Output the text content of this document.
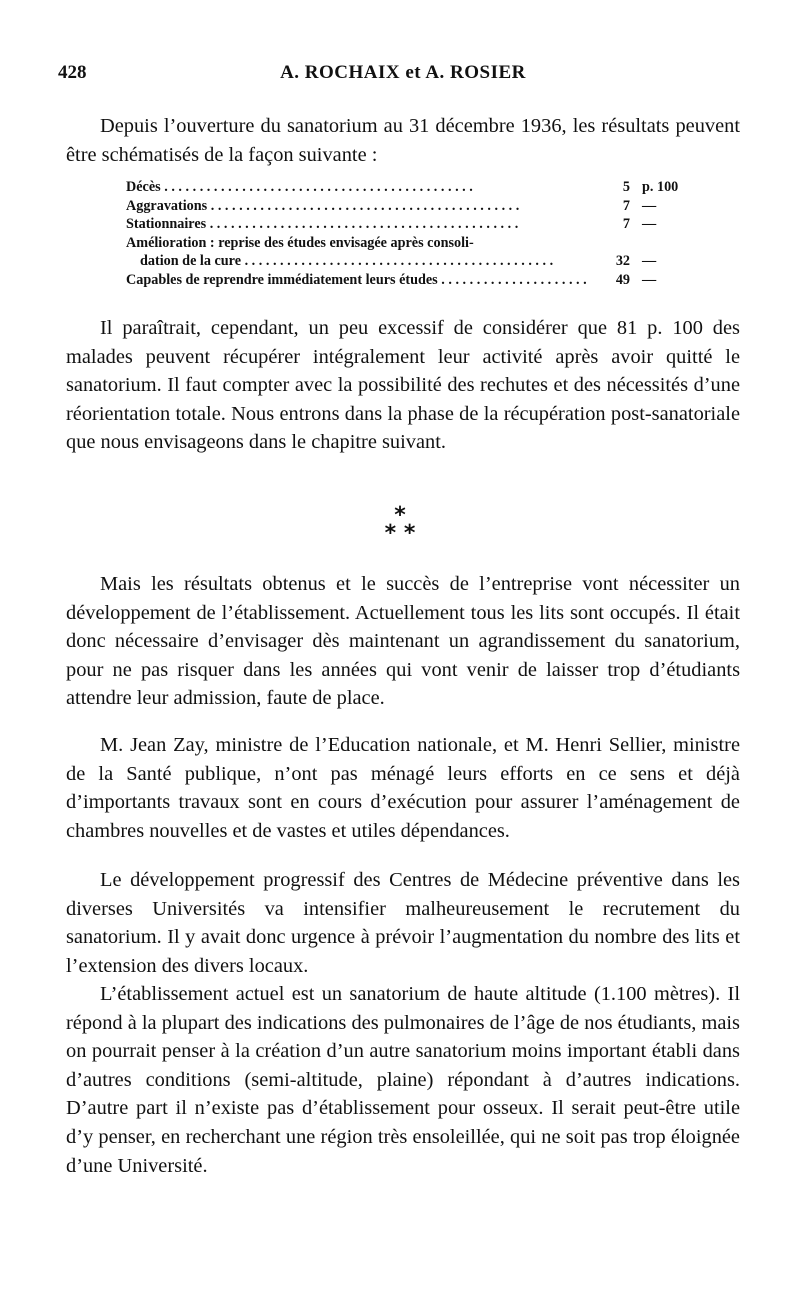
428	A. ROCHAIX et A. ROSIER

Depuis l’ouverture du sanatorium au 31 décembre 1936, les résultats peuvent être schématisés de la façon suivante :

Décès . . .	5 p. 100
Aggravations . . .	7 —
Stationnaires . . .	7 —
Amélioration : reprise des études envisagée après consoli-
dation de la cure . . .	32 —
Capables de reprendre immédiatement leurs études . . .	49 —

Il paraîtrait, cependant, un peu excessif de considérer que 81 p. 100 des malades peuvent récupérer intégralement leur activité après avoir quitté le sanatorium. Il faut compter avec la possibilité des rechutes et des nécessités d’une réorientation totale. Nous entrons dans la phase de la récupération post-sanatoriale que nous envisageons dans le chapitre suivant.

*
* *

Mais les résultats obtenus et le succès de l’entreprise vont nécessiter un développement de l’établissement. Actuellement tous les lits sont occupés. Il était donc nécessaire d’envisager dès maintenant un agrandissement du sanatorium, pour ne pas risquer dans les années qui vont venir de laisser trop d’étudiants attendre leur admission, faute de place.

M. Jean Zay, ministre de l’Education nationale, et M. Henri Sellier, ministre de la Santé publique, n’ont pas ménagé leurs efforts en ce sens et déjà d’importants travaux sont en cours d’exécution pour assurer l’aménagement de chambres nouvelles et de vastes et utiles dépendances.

Le développement progressif des Centres de Médecine préventive dans les diverses Universités va intensifier malheureusement le recrutement du sanatorium. Il y avait donc urgence à prévoir l’augmentation du nombre des lits et l’extension des divers locaux.

L’établissement actuel est un sanatorium de haute altitude (1.100 mètres). Il répond à la plupart des indications des pulmonaires de l’âge de nos étudiants, mais on pourrait penser à la création d’un autre sanatorium moins important établi dans d’autres conditions (semi-altitude, plaine) répondant à d’autres indications. D’autre part il n’existe pas d’établissement pour osseux. Il serait peut-être utile d’y penser, en recherchant une région très ensoleillée, qui ne soit pas trop éloignée d’une Université.
